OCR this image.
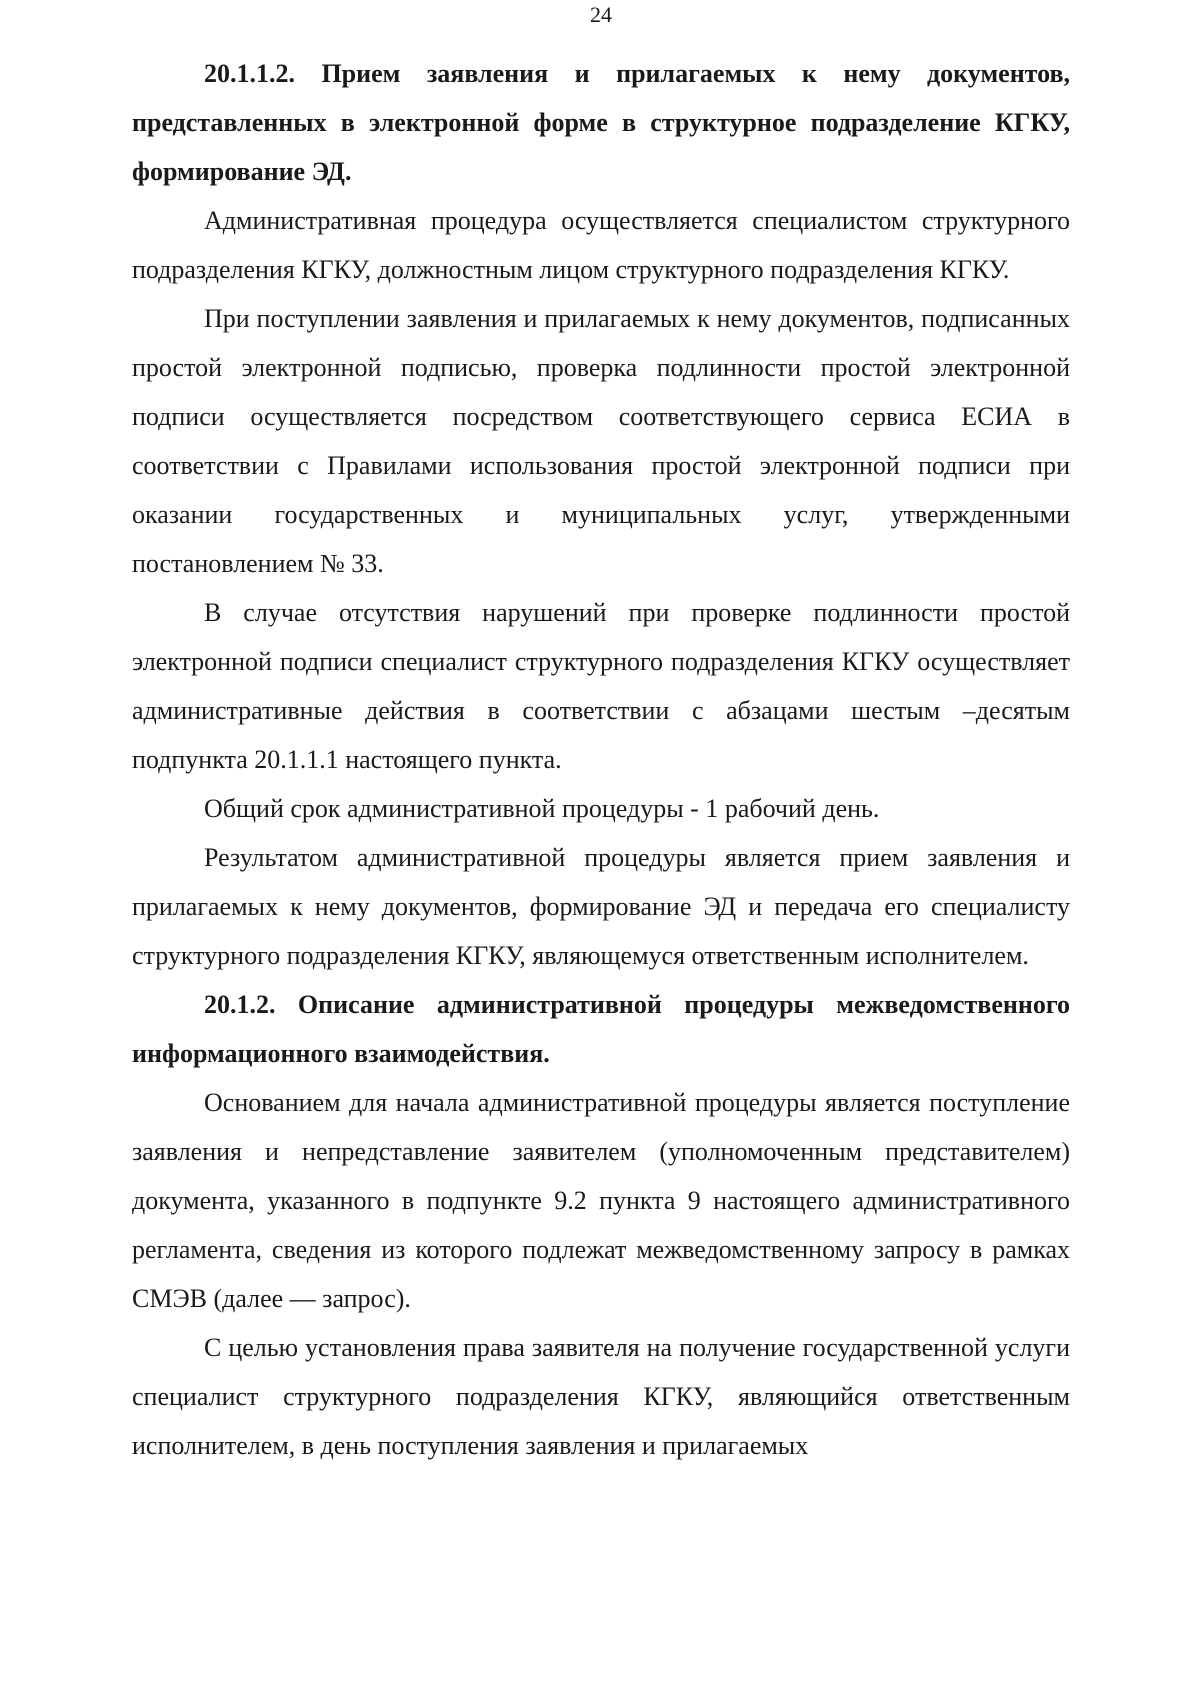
24

20.1.1.2. Прием заявления и прилагаемых к нему документов, представленных в электронной форме в структурное подразделение КГКУ, формирование ЭД.

Административная процедура осуществляется специалистом структурного подразделения КГКУ, должностным лицом структурного подразделения КГКУ.

При поступлении заявления и прилагаемых к нему документов, подписанных простой электронной подписью, проверка подлинности простой электронной подписи осуществляется посредством соответствующего сервиса ЕСИА в соответствии с Правилами использования простой электронной подписи при оказании государственных и муниципальных услуг, утвержденными постановлением № 33.

В случае отсутствия нарушений при проверке подлинности простой электронной подписи специалист структурного подразделения КГКУ осуществляет административные действия в соответствии с абзацами шестым –десятым подпункта 20.1.1.1 настоящего пункта.

Общий срок административной процедуры - 1 рабочий день.

Результатом административной процедуры является прием заявления и прилагаемых к нему документов, формирование ЭД и передача его специалисту структурного подразделения КГКУ, являющемуся ответственным исполнителем.

20.1.2. Описание административной процедуры межведомственного информационного взаимодействия.

Основанием для начала административной процедуры является поступление заявления и непредставление заявителем (уполномоченным представителем) документа, указанного в подпункте 9.2 пункта 9 настоящего административного регламента, сведения из которого подлежат межведомственному запросу в рамках СМЭВ (далее — запрос).

С целью установления права заявителя на получение государственной услуги специалист структурного подразделения КГКУ, являющийся ответственным исполнителем, в день поступления заявления и прилагаемых
